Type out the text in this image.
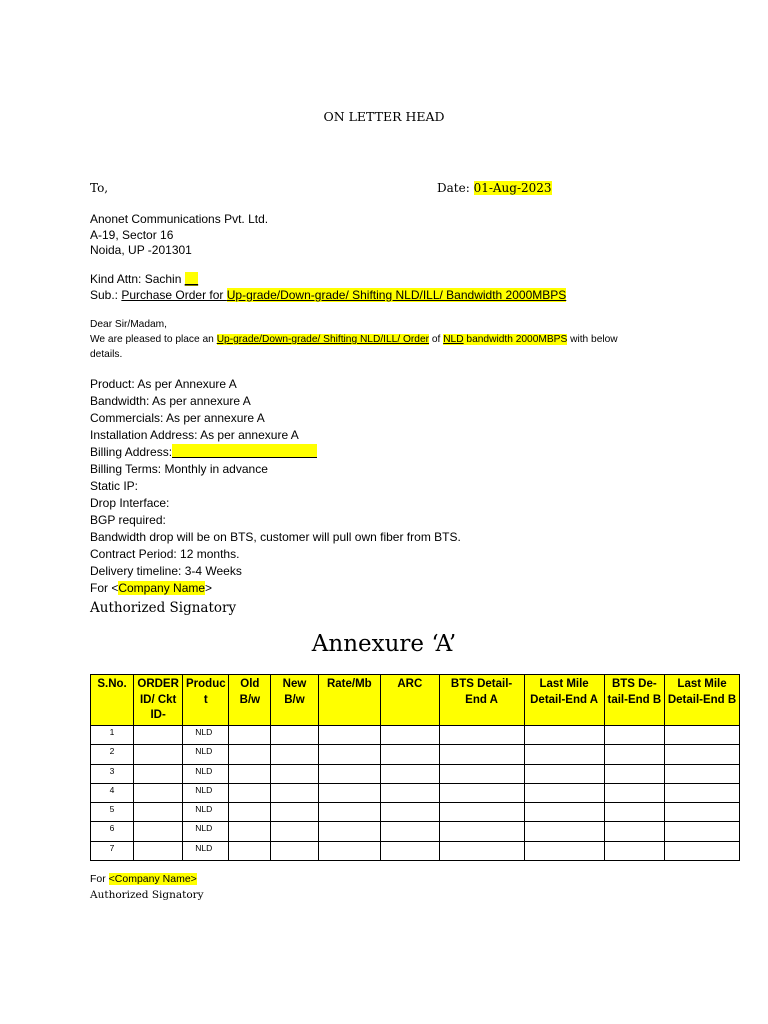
ON LETTER HEAD
To,	Date: 01-Aug-2023
Anonet Communications Pvt. Ltd.
A-19, Sector 16
Noida, UP -201301
Kind Attn: Sachin __
Sub.: Purchase Order for Up-grade/Down-grade/ Shifting NLD/ILL/ Bandwidth 2000MBPS
Dear Sir/Madam,
We are pleased to place an Up-grade/Down-grade/ Shifting NLD/ILL/ Order of NLD bandwidth 2000MBPS with below
details.
Product: As per Annexure A
Bandwidth: As per annexure A
Commercials: As per annexure A
Installation Address: As per annexure A
Billing Address:
Billing Terms: Monthly in advance
Static IP:
Drop Interface:
BGP required:
Bandwidth drop will be on BTS, customer will pull own fiber from BTS.
Contract Period: 12 months.
Delivery timeline: 3-4 Weeks
For <Company Name>
Authorized Signatory
Annexure ‘A’
S.No.	ORDER ID/ Ckt ID-	Produc t	Old B/w	New B/w	Rate/Mb	ARC	BTS Detail- End A	Last Mile Detail-End A	BTS De- tail-End B	Last Mile Detail-End B
1		NLD								
2		NLD								
3		NLD								
4		NLD								
5		NLD								
6		NLD								
7		NLD								
For <Company Name>
Authorized Signatory
